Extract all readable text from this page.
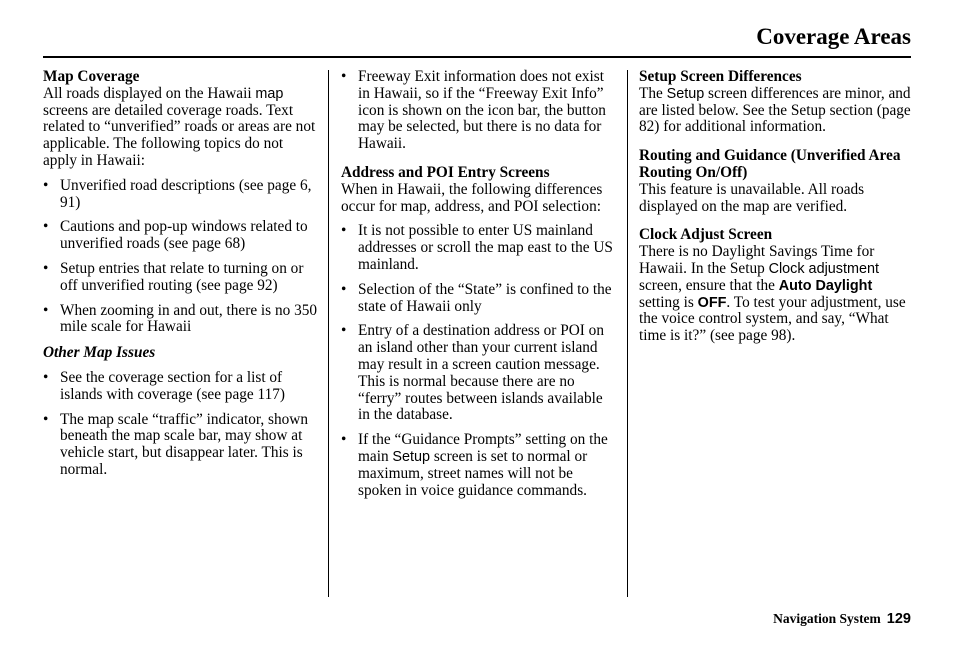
Coverage Areas

Map Coverage

All roads displayed on the Hawaii map screens are detailed coverage roads. Text related to “unverified” roads or areas are not applicable. The following topics do not apply in Hawaii:

• Unverified road descriptions (see page 6, 91)
• Cautions and pop-up windows related to unverified roads (see page 68)
• Setup entries that relate to turning on or off unverified routing (see page 92)
• When zooming in and out, there is no 350 mile scale for Hawaii

Other Map Issues

• See the coverage section for a list of islands with coverage (see page 117)
• The map scale “traffic” indicator, shown beneath the map scale bar, may show at vehicle start, but disappear later. This is normal.
• Freeway Exit information does not exist in Hawaii, so if the “Freeway Exit Info” icon is shown on the icon bar, the button may be selected, but there is no data for Hawaii.

Address and POI Entry Screens

When in Hawaii, the following differences occur for map, address, and POI selection:

• It is not possible to enter US mainland addresses or scroll the map east to the US mainland.
• Selection of the “State” is confined to the state of Hawaii only
• Entry of a destination address or POI on an island other than your current island may result in a screen caution message. This is normal because there are no “ferry” routes between islands available in the database.
• If the “Guidance Prompts” setting on the main Setup screen is set to normal or maximum, street names will not be spoken in voice guidance commands.

Setup Screen Differences

The Setup screen differences are minor, and are listed below. See the Setup section (page 82) for additional information.

Routing and Guidance (Unverified Area Routing On/Off)

This feature is unavailable. All roads displayed on the map are verified.

Clock Adjust Screen

There is no Daylight Savings Time for Hawaii. In the Setup Clock adjustment screen, ensure that the Auto Daylight setting is OFF. To test your adjustment, use the voice control system, and say, “What time is it?” (see page 98).

Navigation System 129
